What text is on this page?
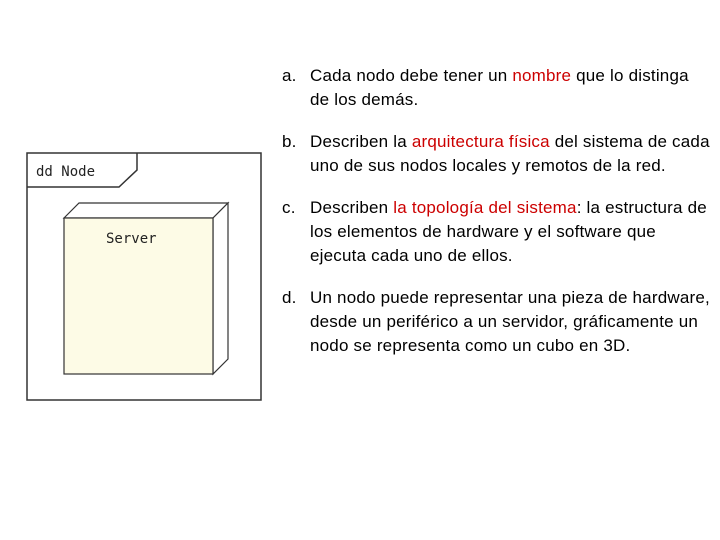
dd Node
Server
a. Cada nodo debe tener un nombre que lo distinga de los demás.
b. Describen la arquitectura física del sistema de cada uno de sus nodos locales y remotos de la red.
c. Describen la topología del sistema: la estructura de los elementos de hardware y el software que ejecuta cada uno de ellos.
d. Un nodo puede representar una pieza de hardware, desde un periférico a un servidor, gráficamente un nodo se representa como un cubo en 3D.
